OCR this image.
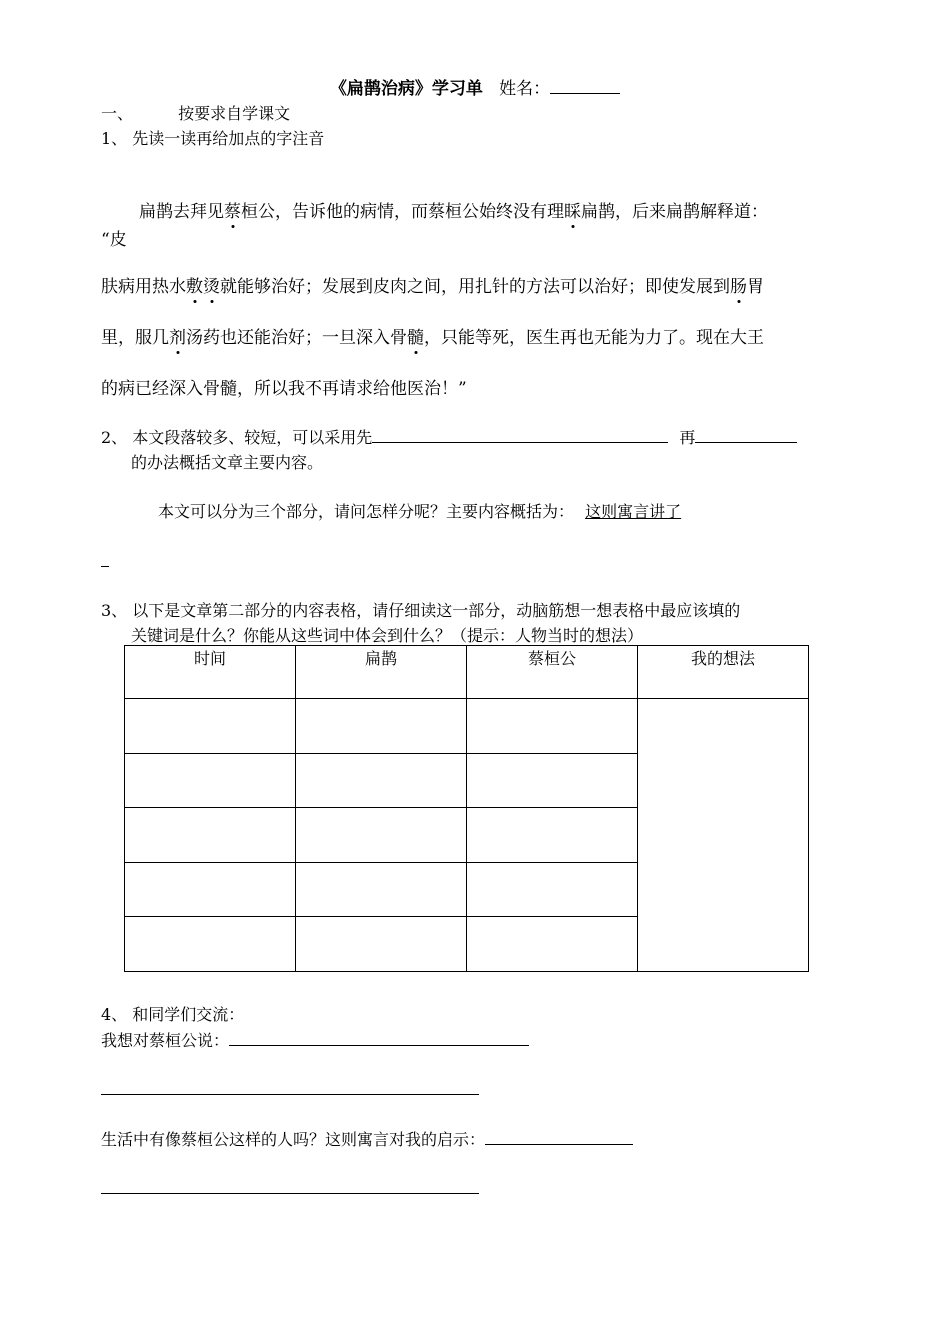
《扁鹊治病》学习单 姓名：
一、	按要求自学课文
1、 先读一读再给加点的字注音
扁鹊去拜见蔡桓公，告诉他的病情，而蔡桓公始终没有理睬扁鹊，后来扁鹊解释道：
“皮
肤病用热水敷烫就能够治好；发展到皮肉之间，用扎针的方法可以治好；即使发展到肠胃
里，服几剂汤药也还能治好；一旦深入骨髓，只能等死，医生再也无能为力了。现在大王
的病已经深入骨髓，所以我不再请求给他医治！”
2、 本文段落较多、较短，可以采用先	再
的办法概括文章主要内容。
本文可以分为三个部分，请问怎样分呢？主要内容概括为： 这则寓言讲了
3、 以下是文章第二部分的内容表格，请仔细读这一部分，动脑筋想一想表格中最应该填的
关键词是什么？你能从这些词中体会到什么？（提示：人物当时的想法）
时间	扁鹊	蔡桓公	我的想法

4、 和同学们交流：
我想对蔡桓公说：
生活中有像蔡桓公这样的人吗？这则寓言对我的启示：
